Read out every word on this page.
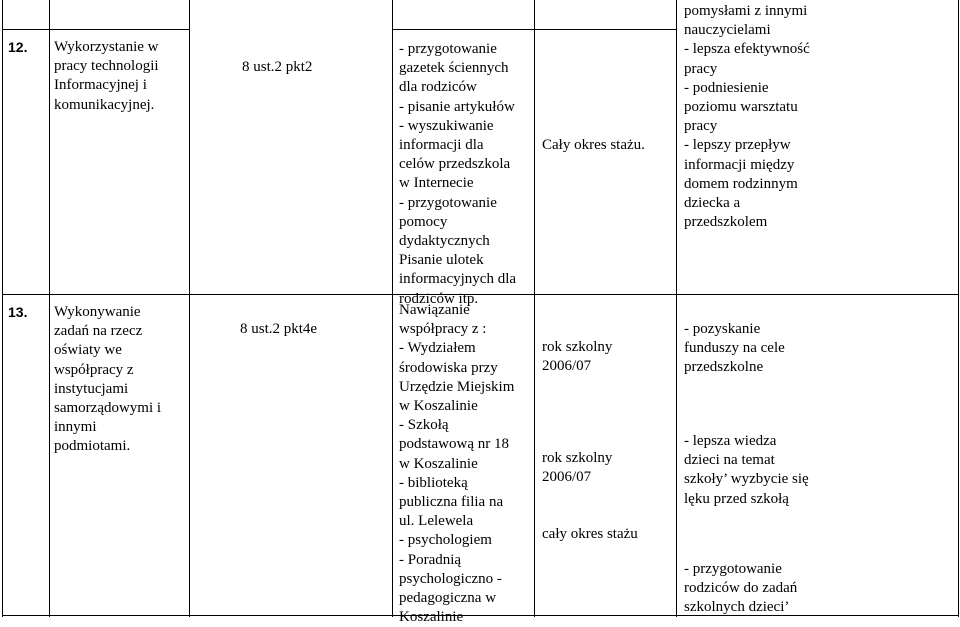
12. Wykorzystanie w
pracy technologii
Informacyjnej i
komunikacyjnej.
8 ust.2 pkt2
- przygotowanie
gazetek ściennych
dla rodziców
- pisanie artykułów
- wyszukiwanie
informacji dla
celów przedszkola
w Internecie
- przygotowanie
pomocy
dydaktycznych
Pisanie ulotek
informacyjnych dla
rodziców itp.
Cały okres stażu.
pomysłami z innymi
nauczycielami
- lepsza efektywność
pracy
- podniesienie
poziomu warsztatu
pracy
- lepszy przepływ
informacji między
domem rodzinnym
dziecka a
przedszkolem
13. Wykonywanie
zadań na rzecz
oświaty we
współpracy z
instytucjami
samorządowymi i
innymi
podmiotami.
8 ust.2 pkt4e
Nawiązanie
współpracy z :
- Wydziałem
środowiska przy
Urzędzie Miejskim
w Koszalinie
- Szkołą
podstawową nr 18
w Koszalinie
- biblioteką
publiczna filia na
ul. Lelewela
- psychologiem
- Poradnią
psychologiczno -
pedagogiczna w
Koszalinie
rok szkolny
2006/07
rok szkolny
2006/07
cały okres stażu
- pozyskanie
funduszy na cele
przedszkolne
- lepsza wiedza
dzieci na temat
szkoły’ wyzbycie się
lęku przed szkołą
- przygotowanie
rodziców do zadań
szkolnych dzieci’
